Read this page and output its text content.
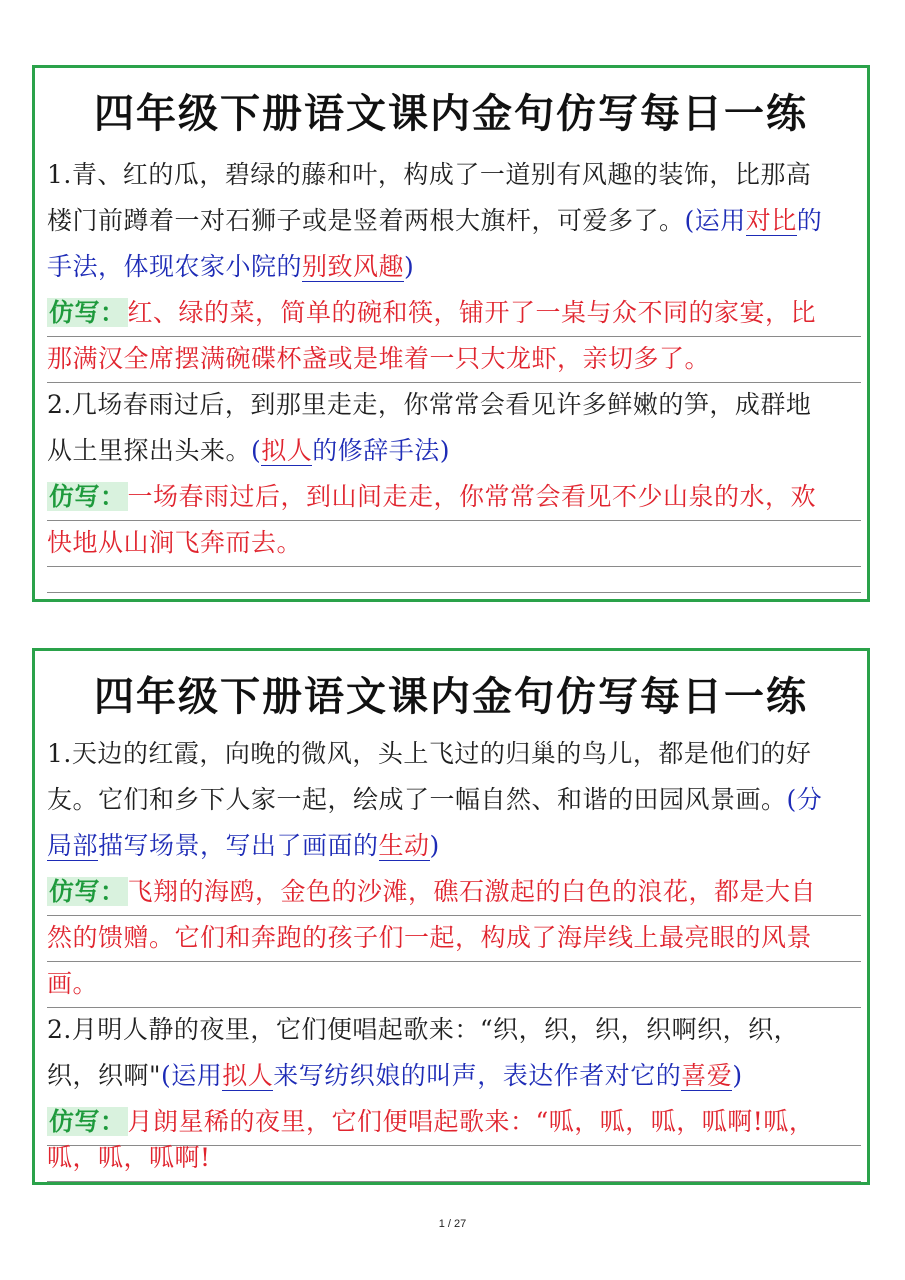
四年级下册语文课内金句仿写每日一练
1.青、红的瓜，碧绿的藤和叶，构成了一道别有风趣的装饰，比那高
楼门前蹲着一对石狮子或是竖着两根大旗杆，可爱多了。(运用对比的
手法，体现农家小院的别致风趣)
仿写：红、绿的菜，简单的碗和筷，铺开了一桌与众不同的家宴，比
那满汉全席摆满碗碟杯盏或是堆着一只大龙虾，亲切多了。
2.几场春雨过后，到那里走走，你常常会看见许多鲜嫩的笋，成群地
从土里探出头来。(拟人的修辞手法)
仿写：一场春雨过后，到山间走走，你常常会看见不少山泉的水，欢
快地从山涧飞奔而去。
四年级下册语文课内金句仿写每日一练
1.天边的红霞，向晚的微风，头上飞过的归巢的鸟儿，都是他们的好
友。它们和乡下人家一起，绘成了一幅自然、和谐的田园风景画。(分
局部描写场景，写出了画面的生动)
仿写：飞翔的海鸥，金色的沙滩，礁石激起的白色的浪花，都是大自
然的馈赠。它们和奔跑的孩子们一起，构成了海岸线上最亮眼的风景
画。
2.月明人静的夜里，它们便唱起歌来：“织，织，织，织啊织，织，
织，织啊"(运用拟人来写纺织娘的叫声，表达作者对它的喜爱)
仿写：月朗星稀的夜里，它们便唱起歌来：“呱，呱，呱，呱啊!呱，
呱，呱，呱啊!
1 / 27
